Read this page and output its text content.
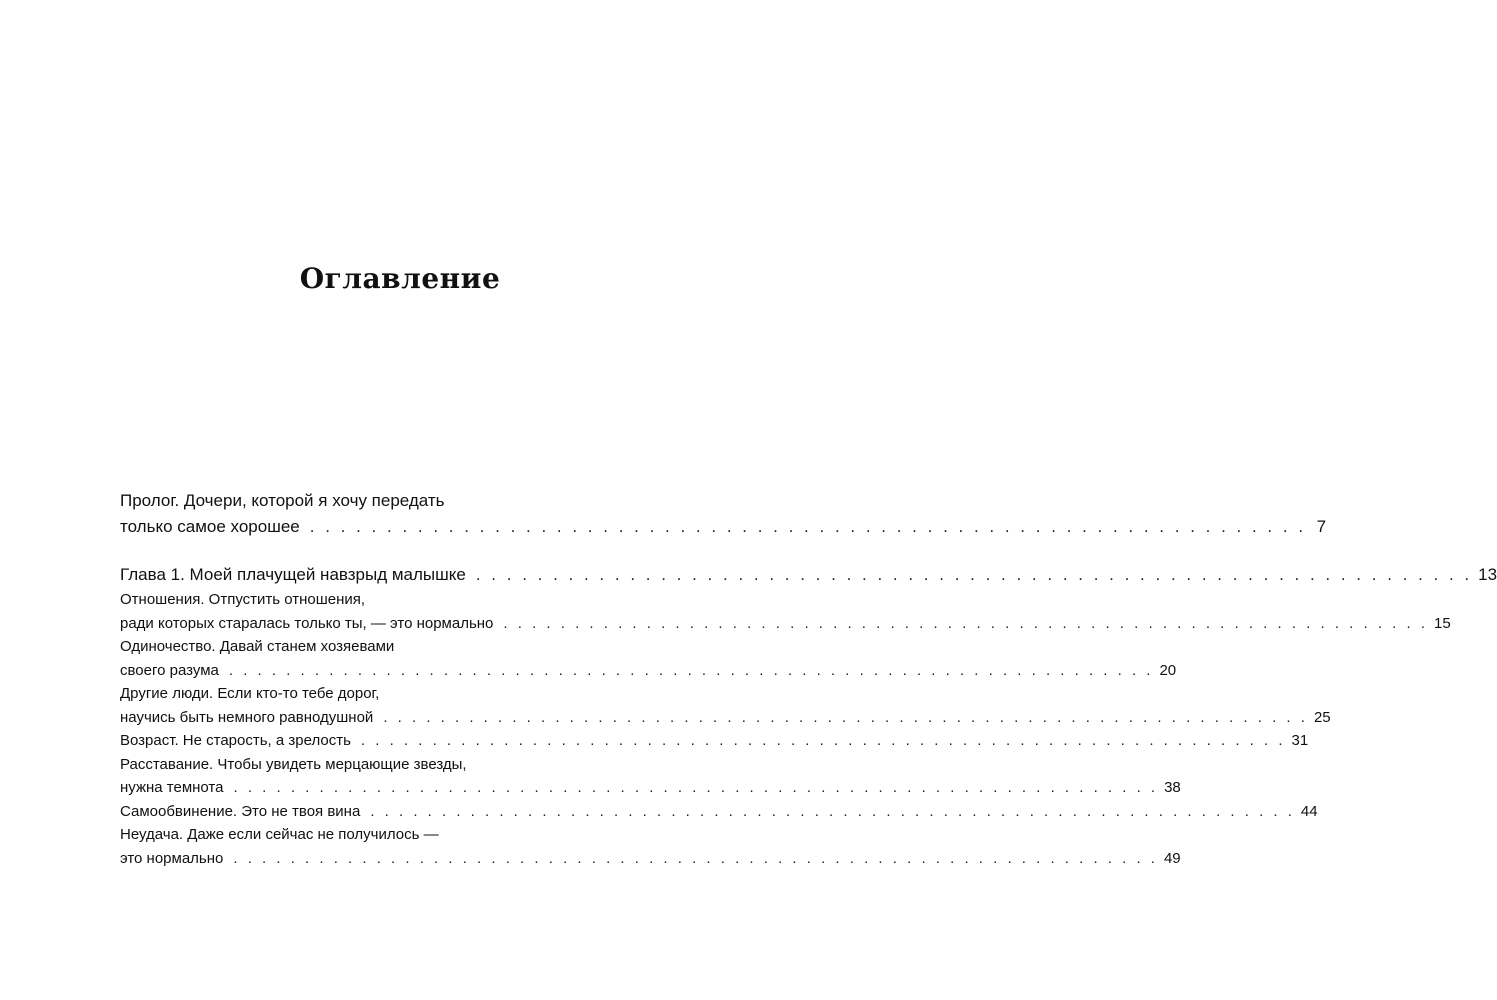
Оглавление
Пролог. Дочери, которой я хочу передать
только самое хорошее . . . . . . . . . . . . . . . . . . . . . . . . . . . . . . . . . . . . . . . . . . . . . . . . . . . . . . . . . . . . . . . . . 7
Глава 1. Моей плачущей навзрыд малышке . . . . . . . . . . . . . . . . . . . . . . . . . . . . . . . . . . . . . . . . . . . . . . . . . . . . . . . . . . . . . . . . . 13
Отношения. Отпустить отношения,
ради которых старалась только ты, — это нормально . . . . . . . . . . . . . . . . . . . . . . . . . . . . . . . . . . . . . . . . . . . . . . . . . . . . . . . . . . . . . . . . . 15
Одиночество. Давай станем хозяевами
своего разума . . . . . . . . . . . . . . . . . . . . . . . . . . . . . . . . . . . . . . . . . . . . . . . . . . . . . . . . . . . . . . . . . 20
Другие люди. Если кто-то тебе дорог,
научись быть немного равнодушной . . . . . . . . . . . . . . . . . . . . . . . . . . . . . . . . . . . . . . . . . . . . . . . . . . . . . . . . . . . . . . . . . 25
Возраст. Не старость, а зрелость . . . . . . . . . . . . . . . . . . . . . . . . . . . . . . . . . . . . . . . . . . . . . . . . . . . . . . . . . . . . . . . . . 31
Расставание. Чтобы увидеть мерцающие звезды,
нужна темнота . . . . . . . . . . . . . . . . . . . . . . . . . . . . . . . . . . . . . . . . . . . . . . . . . . . . . . . . . . . . . . . . . 38
Самообвинение. Это не твоя вина . . . . . . . . . . . . . . . . . . . . . . . . . . . . . . . . . . . . . . . . . . . . . . . . . . . . . . . . . . . . . . . . . 44
Неудача. Даже если сейчас не получилось —
это нормально . . . . . . . . . . . . . . . . . . . . . . . . . . . . . . . . . . . . . . . . . . . . . . . . . . . . . . . . . . . . . . . . . 49
